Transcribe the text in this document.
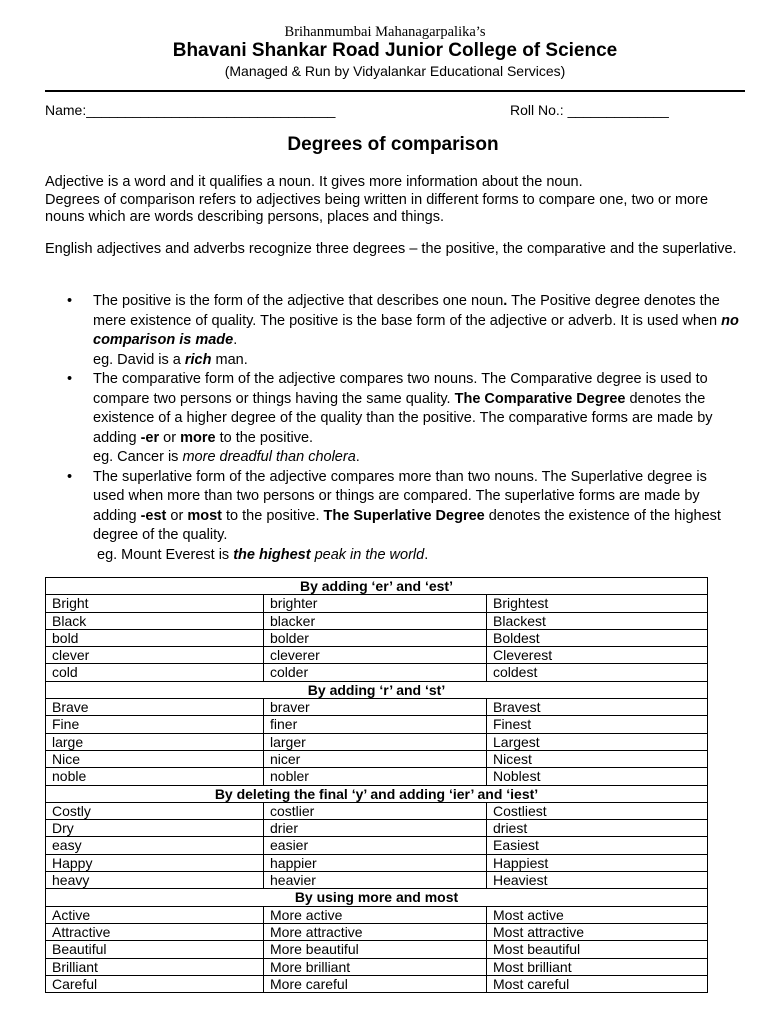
Brihanmumbai Mahanagarpalika’s
Bhavani Shankar Road Junior College of Science
(Managed & Run by Vidyalankar Educational Services)
Name:________________________________	Roll No.: _____________
Degrees of comparison

Adjective is a word and it qualifies a noun. It gives more information about the noun.
Degrees of comparison refers to adjectives being written in different forms to compare one, two or more nouns which are words describing persons, places and things.

English adjectives and adverbs recognize three degrees – the positive, the comparative and the superlative.

• The positive is the form of the adjective that describes one noun. The Positive degree denotes the mere existence of quality. The positive is the base form of the adjective or adverb. It is used when no comparison is made.
eg. David is a rich man.
• The comparative form of the adjective compares two nouns. The Comparative degree is used to compare two persons or things having the same quality. The Comparative Degree denotes the existence of a higher degree of the quality than the positive. The comparative forms are made by adding -er or more to the positive.
eg. Cancer is more dreadful than cholera.
• The superlative form of the adjective compares more than two nouns. The Superlative degree is used when more than two persons or things are compared. The superlative forms are made by adding -est or most to the positive. The Superlative Degree denotes the existence of the highest degree of the quality.
eg. Mount Everest is the highest peak in the world.
By adding ‘er’ and ‘est’		
Bright	brighter	Brightest
Black	blacker	Blackest
bold	bolder	Boldest
clever	cleverer	Cleverest
cold	colder	coldest
By adding ‘r’ and ‘st’		
Brave	braver	Bravest
Fine	finer	Finest
large	larger	Largest
Nice	nicer	Nicest
noble	nobler	Noblest
By deleting the final ‘y’ and adding ‘ier’ and ‘iest’		
Costly	costlier	Costliest
Dry	drier	driest
easy	easier	Easiest
Happy	happier	Happiest
heavy	heavier	Heaviest
By using more and most		
Active	More active	Most active
Attractive	More attractive	Most attractive
Beautiful	More beautiful	Most beautiful
Brilliant	More brilliant	Most brilliant
Careful	More careful	Most careful
